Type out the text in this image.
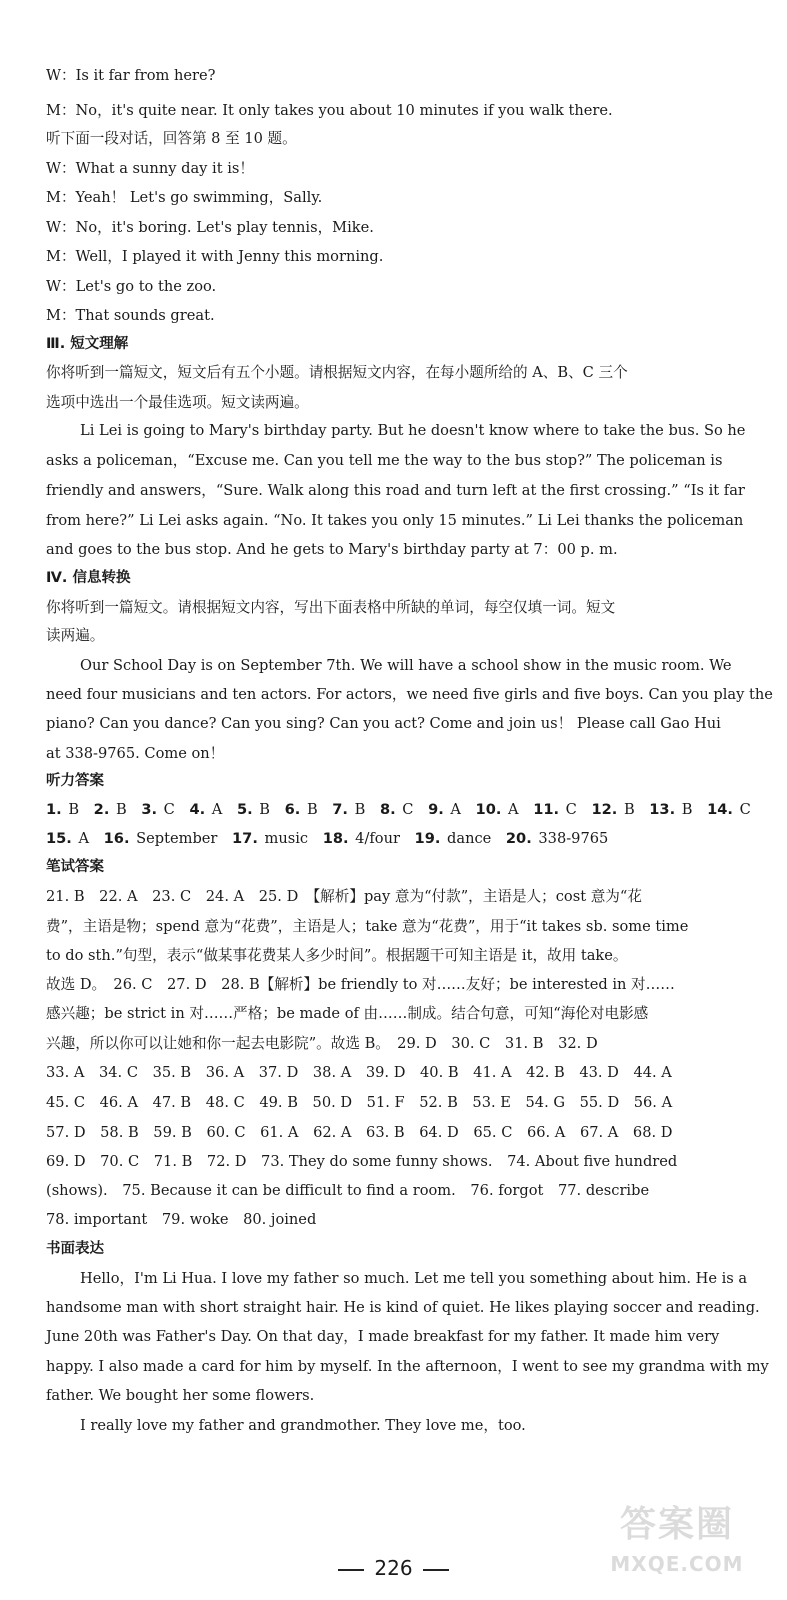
W：Is it far from here?
M：No，it's quite near. It only takes you about 10 minutes if you walk there.
听下面一段对话，回答第 8 至 10 题。
W：What a sunny day it is！
M：Yeah！ Let's go swimming，Sally.
W：No，it's boring. Let's play tennis，Mike.
M：Well，I played it with Jenny this morning.
W：Let's go to the zoo.
M：That sounds great.
Ⅲ. 短文理解
你将听到一篇短文，短文后有五个小题。请根据短文内容，在每小题所给的 A、B、C 三个
选项中选出一个最佳选项。短文读两遍。
Li Lei is going to Mary's birthday party. But he doesn't know where to take the bus. So he
asks a policeman，“Excuse me. Can you tell me the way to the bus stop?” The policeman is
friendly and answers，“Sure. Walk along this road and turn left at the first crossing.” “Is it far
from here?” Li Lei asks again. “No. It takes you only 15 minutes.” Li Lei thanks the policeman
and goes to the bus stop. And he gets to Mary's birthday party at 7：00 p. m.
Ⅳ. 信息转换
你将听到一篇短文。请根据短文内容，写出下面表格中所缺的单词，每空仅填一词。短文
读两遍。
Our School Day is on September 7th. We will have a school show in the music room. We
need four musicians and ten actors. For actors，we need five girls and five boys. Can you play the
piano? Can you dance? Can you sing? Can you act? Come and join us！ Please call Gao Hui
at 338-9765. Come on！
听力答案
1. B 2. B 3. C 4. A 5. B 6. B 7. B 8. C 9. A 10. A 11. C 12. B 13. B 14. C
15. A 16. September 17. music 18. 4/four 19. dance 20. 338-9765
笔试答案
21. B　22. A　23. C　24. A　25. D　【解析】pay 意为“付款”，主语是人；cost 意为“花
费”，主语是物；spend 意为“花费”，主语是人；take 意为“花费”，用于“it takes sb. some time
to do sth.”句型，表示“做某事花费某人多少时间”。根据题干可知主语是 it，故用 take。
故选 D。　26. C　27. D　28. B【解析】be friendly to 对……友好；be interested in 对……
感兴趣；be strict in 对……严格；be made of 由……制成。结合句意，可知“海伦对电影感
兴趣，所以你可以让她和你一起去电影院”。故选 B。　29. D　30. C　31. B　32. D
33. A　34. C　35. B　36. A　37. D　38. A　39. D　40. B　41. A　42. B　43. D　44. A
45. C　46. A　47. B　48. C　49. B　50. D　51. F　52. B　53. E　54. G　55. D　56. A
57. D　58. B　59. B　60. C　61. A　62. A　63. B　64. D　65. C　66. A　67. A　68. D
69. D　70. C　71. B　72. D　73. They do some funny shows.　74. About five hundred
(shows).　75. Because it can be difficult to find a room.　76. forgot　77. describe
78. important　79. woke　80. joined
书面表达
Hello，I'm Li Hua. I love my father so much. Let me tell you something about him. He is a
handsome man with short straight hair. He is kind of quiet. He likes playing soccer and reading.
June 20th was Father's Day. On that day，I made breakfast for my father. It made him very
happy. I also made a card for him by myself. In the afternoon，I went to see my grandma with my
father. We bought her some flowers.
I really love my father and grandmother. They love me，too.
答案圈
MXQE.COM
226
